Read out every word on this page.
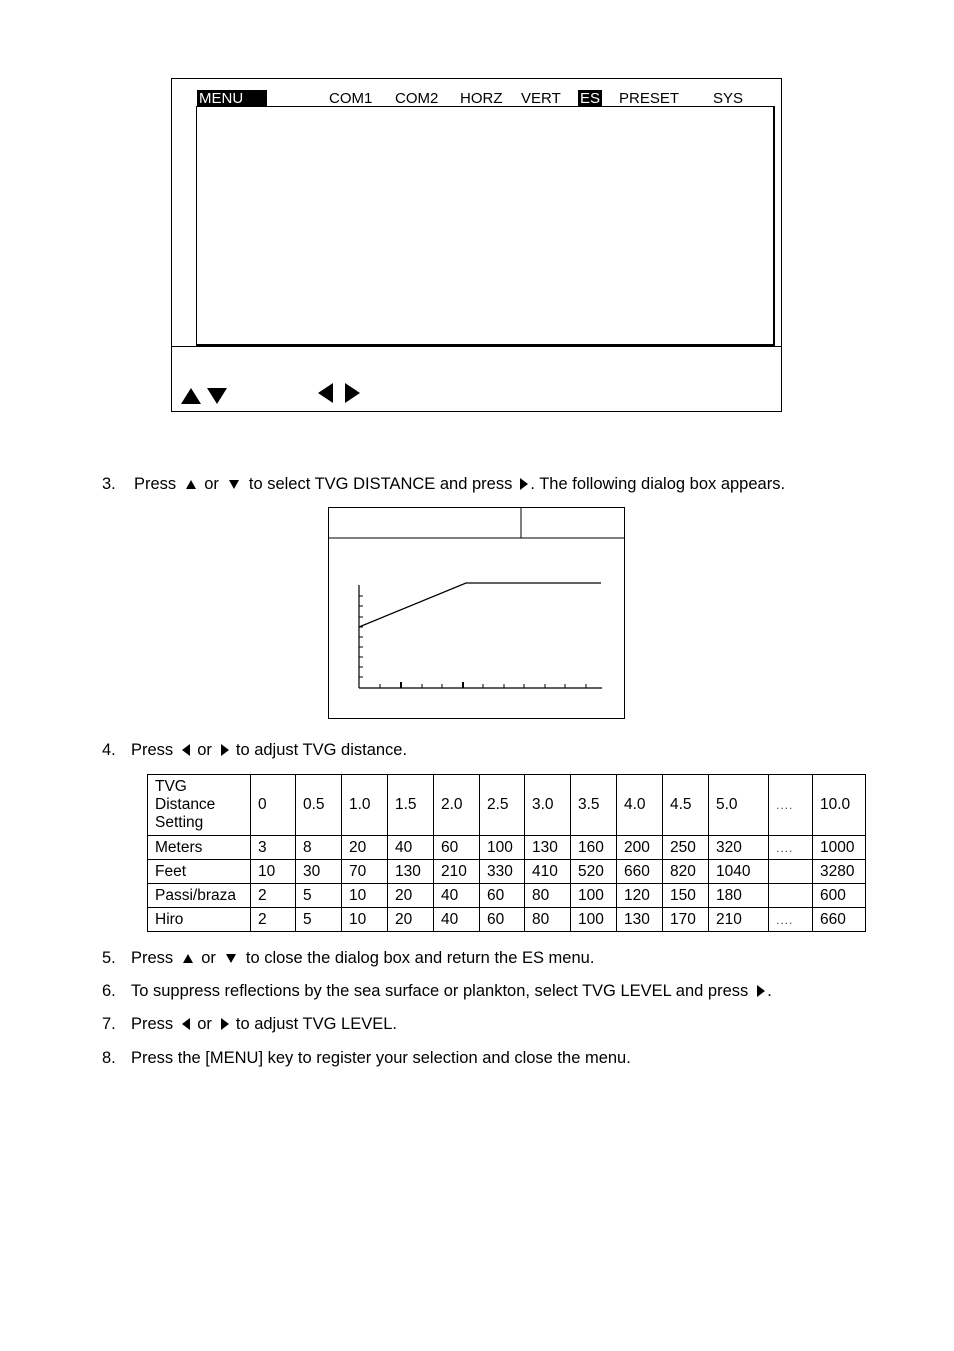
MENU	COM1 COM2 HORZ VERT ES PRESET SYS
3. Press or to select TVG DISTANCE and press . The following dialog box appears.
4. Press or to adjust TVG distance.
TVG Distance Setting	0	0.5	1.0	1.5	2.0	2.5	3.0	3.5	4.0	4.5	5.0	....	10.0
Meters	3	8	20	40	60	100	130	160	200	250	320	....	1000
Feet	10	30	70	130	210	330	410	520	660	820	1040		3280
Passi/braza	2	5	10	20	40	60	80	100	120	150	180		600
Hiro	2	5	10	20	40	60	80	100	130	170	210	....	660
5. Press or to close the dialog box and return the ES menu.
6. To suppress reflections by the sea surface or plankton, select TVG LEVEL and press .
7. Press or to adjust TVG LEVEL.
8. Press the [MENU] key to register your selection and close the menu.
